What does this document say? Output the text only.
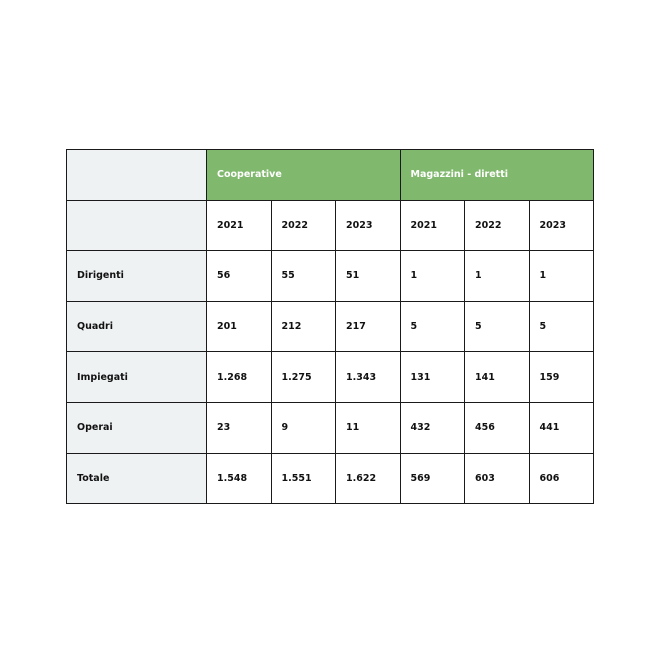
	Cooperative			Magazzini - diretti		
	2021	2022	2023	2021	2022	2023
Dirigenti	56	55	51	1	1	1
Quadri	201	212	217	5	5	5
Impiegati	1.268	1.275	1.343	131	141	159
Operai	23	9	11	432	456	441
Totale	1.548	1.551	1.622	569	603	606
